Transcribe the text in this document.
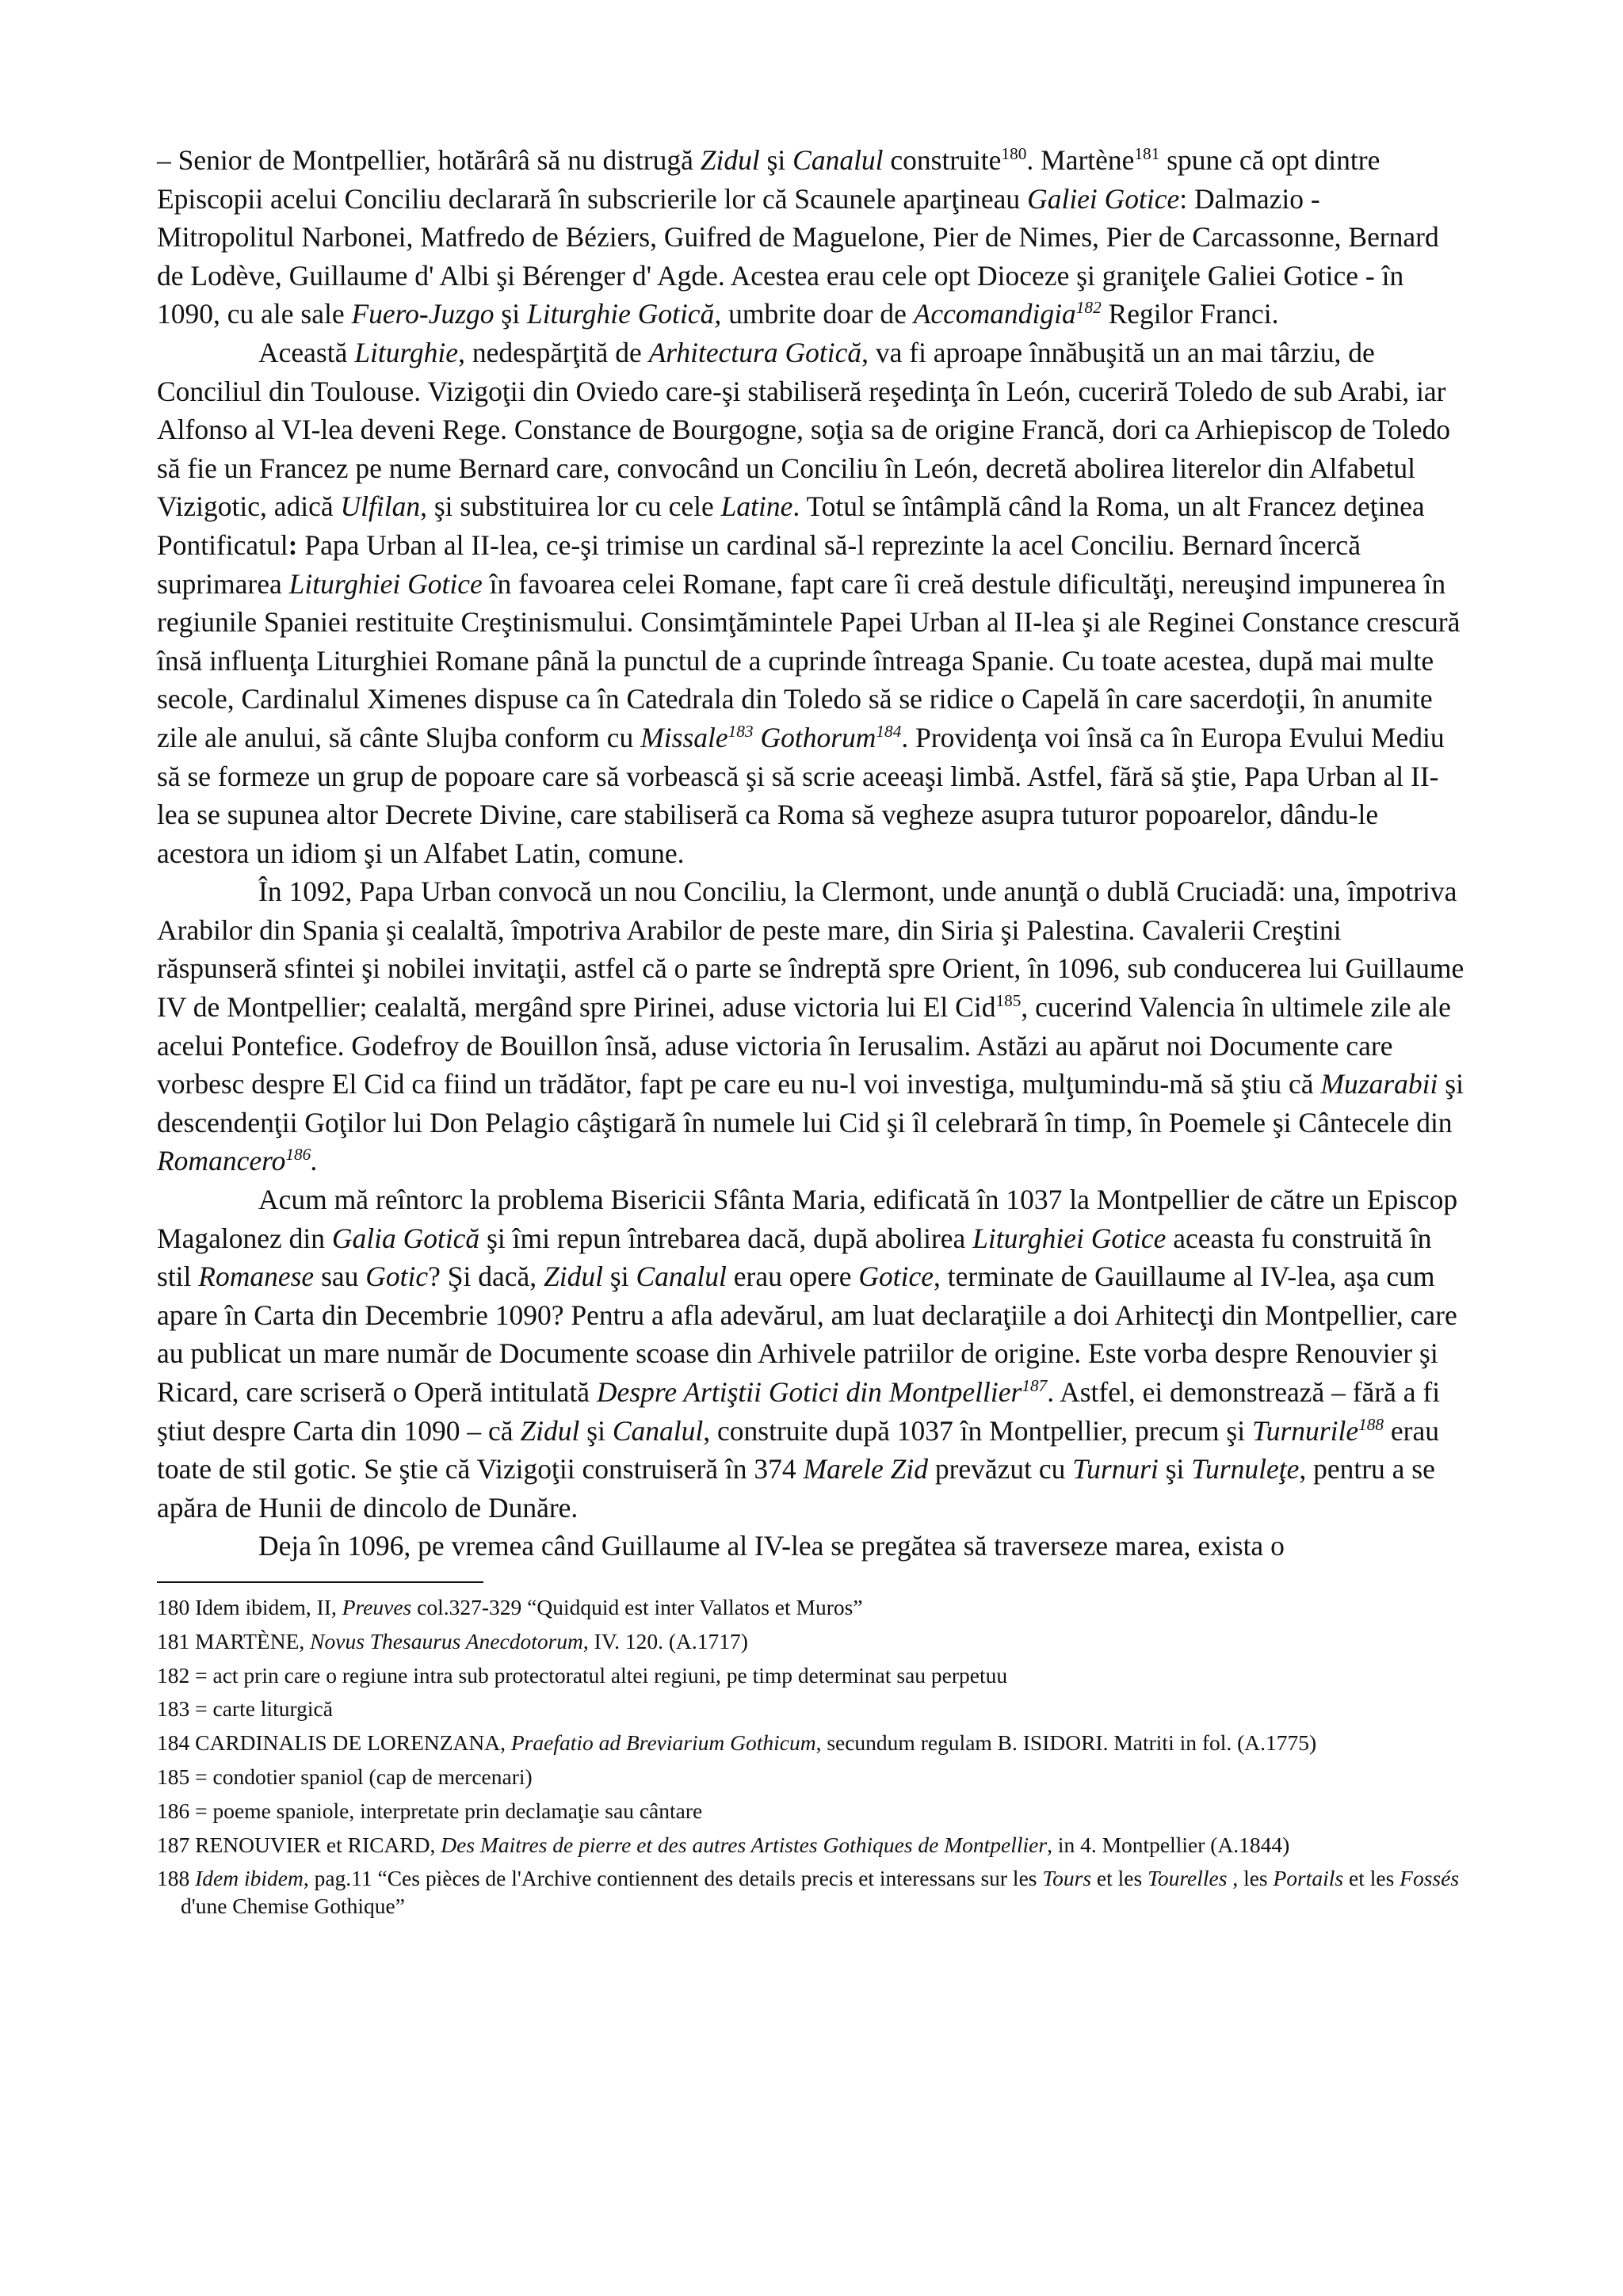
– Senior de Montpellier, hotărârâ să nu distrugă Zidul şi Canalul construite$^{180}$. Martène$^{181}$ spune că opt dintre Episcopii acelui Conciliu declarară în subscrierile lor că Scaunele aparţineau Galiei Gotice: Dalmazio - Mitropolitul Narbonei, Matfredo de Béziers, Guifred de Maguelone, Pier de Nimes, Pier de Carcassonne, Bernard de Lodève, Guillaume d' Albi şi Bérenger d' Agde. Acestea erau cele opt Dioceze şi graniţele Galiei Gotice - în 1090, cu ale sale Fuero-Juzgo şi Liturghie Gotică, umbrite doar de Accomandigia$^{182}$ Regilor Franci.

Această Liturghie, nedespărţită de Arhitectura Gotică, va fi aproape înnăbuşită un an mai târziu, de Conciliul din Toulouse. Vizigoţii din Oviedo care-şi stabiliseră reşedinţa în León, cuceriră Toledo de sub Arabi, iar Alfonso al VI-lea deveni Rege. Constance de Bourgogne, soţia sa de origine Francă, dori ca Arhiepiscop de Toledo să fie un Francez pe nume Bernard care, convocând un Conciliu în León, decretă abolirea literelor din Alfabetul Vizigotic, adică Ulfilan, şi substituirea lor cu cele Latine. Totul se întâmplă când la Roma, un alt Francez deţinea Pontificatul: Papa Urban al II-lea, ce-şi trimise un cardinal să-l reprezinte la acel Conciliu. Bernard încercă suprimarea Liturghiei Gotice în favoarea celei Romane, fapt care îi creă destule dificultăţi, nereuşind impunerea în regiunile Spaniei restituite Creştinismului. Consimţămintele Papei Urban al II-lea şi ale Reginei Constance crescură însă influenţa Liturghiei Romane până la punctul de a cuprinde întreaga Spanie. Cu toate acestea, după mai multe secole, Cardinalul Ximenes dispuse ca în Catedrala din Toledo să se ridice o Capelă în care sacerdoţii, în anumite zile ale anului, să cânte Slujba conform cu Missale$^{183}$ Gothorum$^{184}$. Providenţa voi însă ca în Europa Evului Mediu să se formeze un grup de popoare care să vorbească şi să scrie aceeaşi limbă. Astfel, fără să ştie, Papa Urban al II-lea se supunea altor Decrete Divine, care stabiliseră ca Roma să vegheze asupra tuturor popoarelor, dându-le acestora un idiom şi un Alfabet Latin, comune.

În 1092, Papa Urban convocă un nou Conciliu, la Clermont, unde anunţă o dublă Cruciadă: una, împotriva Arabilor din Spania şi cealaltă, împotriva Arabilor de peste mare, din Siria şi Palestina. Cavalerii Creştini răspunseră sfintei şi nobilei invitaţii, astfel că o parte se îndreptă spre Orient, în 1096, sub conducerea lui Guillaume IV de Montpellier; cealaltă, mergând spre Pirinei, aduse victoria lui El Cid$^{185}$, cucerind Valencia în ultimele zile ale acelui Pontefice. Godefroy de Bouillon însă, aduse victoria în Ierusalim. Astăzi au apărut noi Documente care vorbesc despre El Cid ca fiind un trădător, fapt pe care eu nu-l voi investiga, mulţumindu-mă să ştiu că Muzarabii şi descendenţii Goţilor lui Don Pelagio câştigară în numele lui Cid şi îl celebrară în timp, în Poemele şi Cântecele din Romancero$^{186}$.

Acum mă reîntorc la problema Bisericii Sfânta Maria, edificată în 1037 la Montpellier de către un Episcop Magalonez din Galia Gotică şi îmi repun întrebarea dacă, după abolirea Liturghiei Gotice aceasta fu construită în stil Romanese sau Gotic? Şi dacă, Zidul şi Canalul erau opere Gotice, terminate de Gauillaume al IV-lea, aşa cum apare în Carta din Decembrie 1090? Pentru a afla adevărul, am luat declaraţiile a doi Arhitecţi din Montpellier, care au publicat un mare număr de Documente scoase din Arhivele patriilor de origine. Este vorba despre Renouvier şi Ricard, care scriseră o Operă intitulată Despre Artiştii Gotici din Montpellier$^{187}$. Astfel, ei demonstrează – fără a fi ştiut despre Carta din 1090 – că Zidul şi Canalul, construite după 1037 în Montpellier, precum şi Turnurile$^{188}$ erau toate de stil gotic. Se ştie că Vizigoţii construiseră în 374 Marele Zid prevăzut cu Turnuri şi Turnuleţe, pentru a se apăra de Hunii de dincolo de Dunăre.

Deja în 1096, pe vremea când Guillaume al IV-lea se pregătea să traverseze marea, exista o

180 Idem ibidem, II, Preuves col.327-329 “Quidquid est inter Vallatos et Muros”
181 MARTÈNE, Novus Thesaurus Anecdotorum, IV. 120. (A.1717)
182 = act prin care o regiune intra sub protectoratul altei regiuni, pe timp determinat sau perpetuu
183 = carte liturgică
184 CARDINALIS DE LORENZANA, Praefatio ad Breviarium Gothicum, secundum regulam B. ISIDORI. Matriti in fol. (A.1775)
185 = condotier spaniol (cap de mercenari)
186 = poeme spaniole, interpretate prin declamaţie sau cântare
187 RENOUVIER et RICARD, Des Maitres de pierre et des autres Artistes Gothiques de Montpellier, in 4. Montpellier (A.1844)
188 Idem ibidem, pag.11 “Ces pièces de l'Archive contiennent des details precis et interessans sur les Tours et les Tourelles , les Portails et les Fossés d'une Chemise Gothique”
